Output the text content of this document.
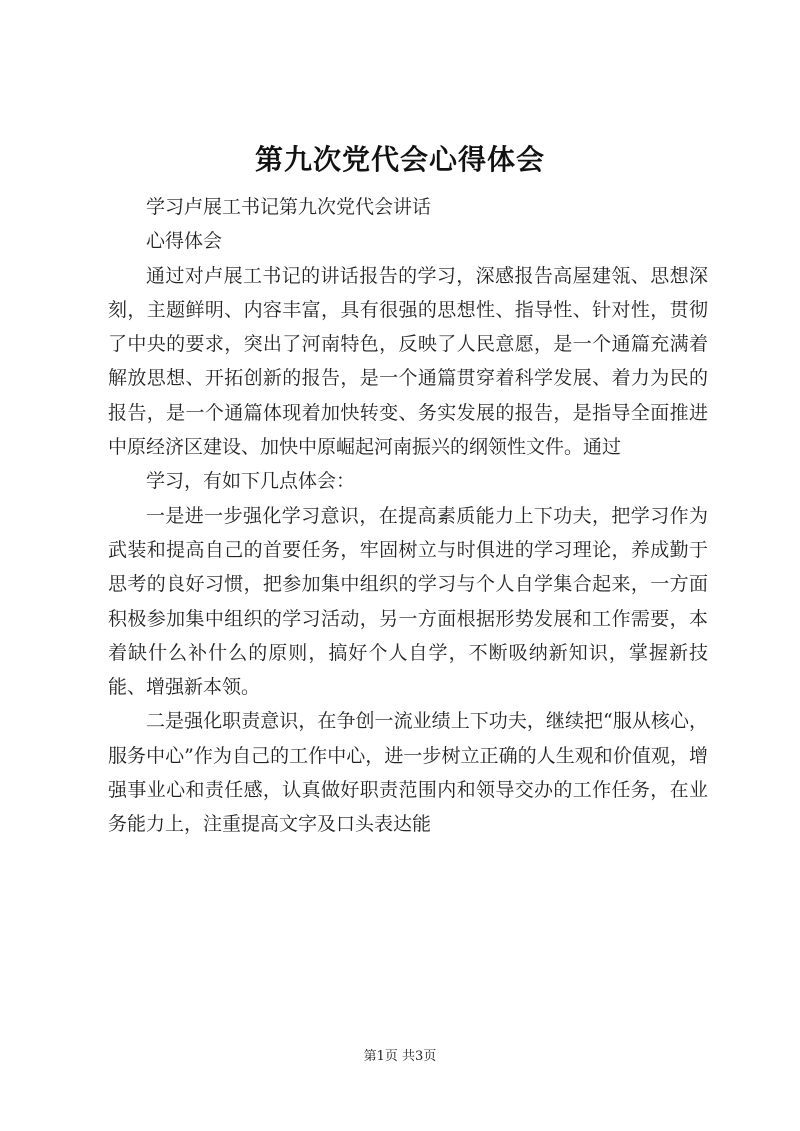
第九次党代会心得体会

学习卢展工书记第九次党代会讲话

心得体会

通过对卢展工书记的讲话报告的学习，深感报告高屋建瓴、思想深刻，主题鲜明、内容丰富，具有很强的思想性、指导性、针对性，贯彻了中央的要求，突出了河南特色，反映了人民意愿，是一个通篇充满着解放思想、开拓创新的报告，是一个通篇贯穿着科学发展、着力为民的报告，是一个通篇体现着加快转变、务实发展的报告，是指导全面推进中原经济区建设、加快中原崛起河南振兴的纲领性文件。通过

学习，有如下几点体会：

一是进一步强化学习意识，在提高素质能力上下功夫，把学习作为武装和提高自己的首要任务，牢固树立与时俱进的学习理论，养成勤于思考的良好习惯，把参加集中组织的学习与个人自学集合起来，一方面积极参加集中组织的学习活动，另一方面根据形势发展和工作需要，本着缺什么补什么的原则，搞好个人自学，不断吸纳新知识，掌握新技能、增强新本领。

二是强化职责意识，在争创一流业绩上下功夫，继续把“服从核心，服务中心”作为自己的工作中心，进一步树立正确的人生观和价值观，增强事业心和责任感，认真做好职责范围内和领导交办的工作任务，在业务能力上，注重提高文字及口头表达能

第1页 共3页
